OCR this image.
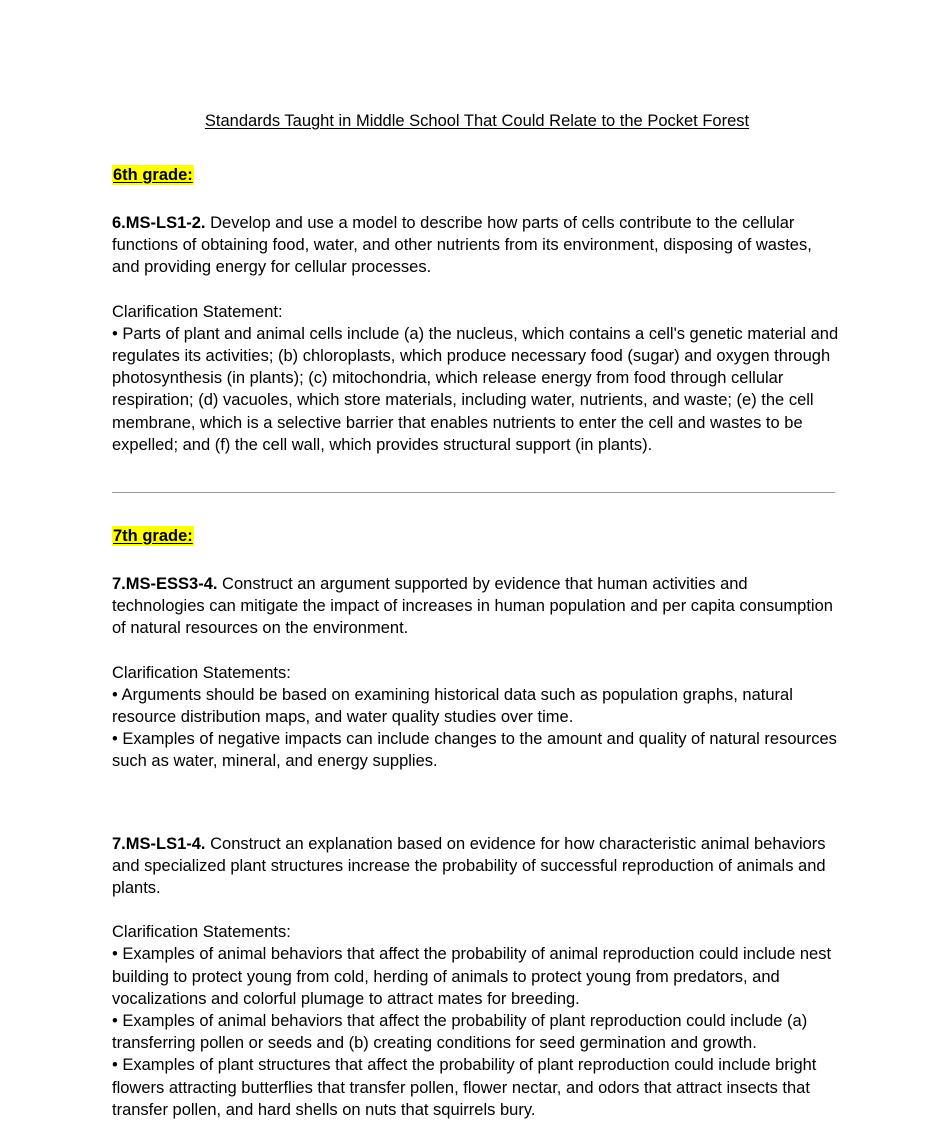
Standards Taught in Middle School That Could Relate to the Pocket Forest
6th grade:

6.MS-LS1-2. Develop and use a model to describe how parts of cells contribute to the cellular functions of obtaining food, water, and other nutrients from its environment, disposing of wastes, and providing energy for cellular processes.

Clarification Statement:

• Parts of plant and animal cells include (a) the nucleus, which contains a cell's genetic material and regulates its activities; (b) chloroplasts, which produce necessary food (sugar) and oxygen through photosynthesis (in plants); (c) mitochondria, which release energy from food through cellular respiration; (d) vacuoles, which store materials, including water, nutrients, and waste; (e) the cell membrane, which is a selective barrier that enables nutrients to enter the cell and wastes to be expelled; and (f) the cell wall, which provides structural support (in plants).

7th grade:

7.MS-ESS3-4. Construct an argument supported by evidence that human activities and technologies can mitigate the impact of increases in human population and per capita consumption of natural resources on the environment.

Clarification Statements:

• Arguments should be based on examining historical data such as population graphs, natural resource distribution maps, and water quality studies over time.

• Examples of negative impacts can include changes to the amount and quality of natural resources such as water, mineral, and energy supplies.

7.MS-LS1-4. Construct an explanation based on evidence for how characteristic animal behaviors and specialized plant structures increase the probability of successful reproduction of animals and plants.

Clarification Statements:

• Examples of animal behaviors that affect the probability of animal reproduction could include nest building to protect young from cold, herding of animals to protect young from predators, and vocalizations and colorful plumage to attract mates for breeding.

• Examples of animal behaviors that affect the probability of plant reproduction could include (a) transferring pollen or seeds and (b) creating conditions for seed germination and growth.

• Examples of plant structures that affect the probability of plant reproduction could include bright flowers attracting butterflies that transfer pollen, flower nectar, and odors that attract insects that transfer pollen, and hard shells on nuts that squirrels bury.
